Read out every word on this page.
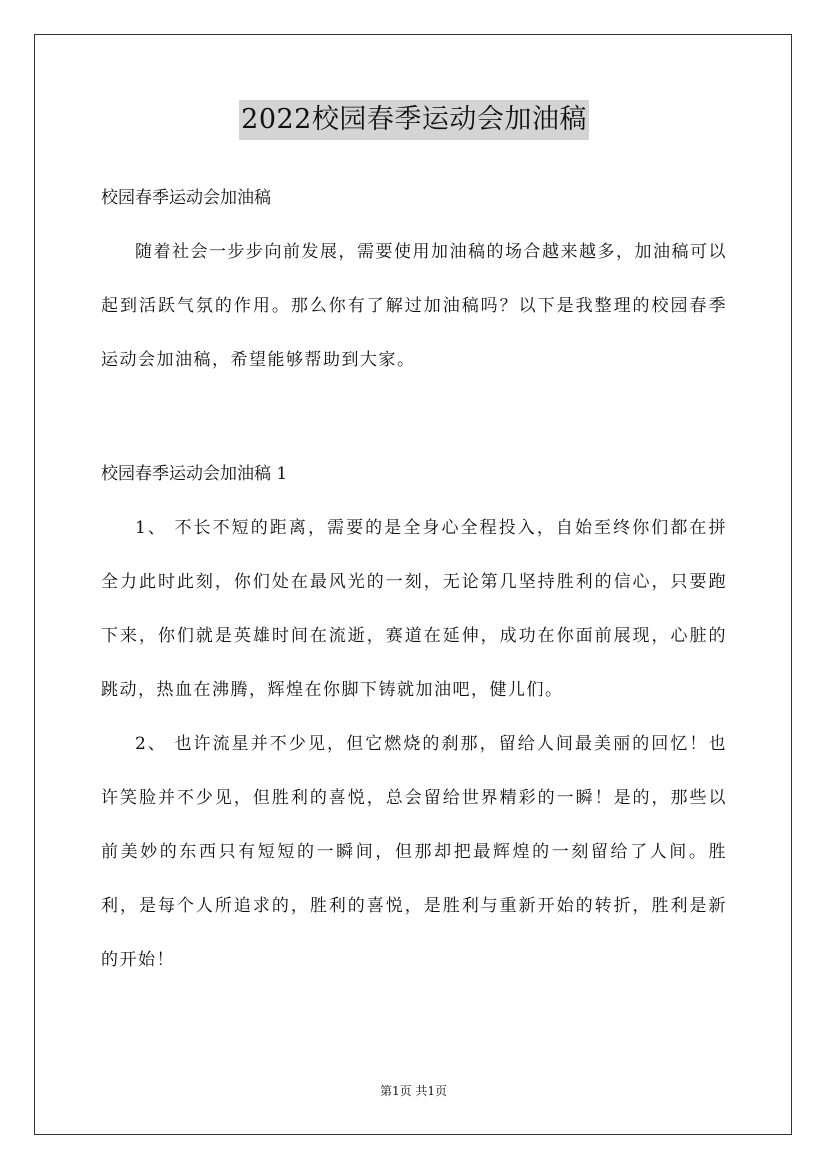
2022校园春季运动会加油稿
校园春季运动会加油稿

随着社会一步步向前发展，需要使用加油稿的场合越来越多，加油稿可以起到活跃气氛的作用。那么你有了解过加油稿吗？以下是我整理的校园春季运动会加油稿，希望能够帮助到大家。

校园春季运动会加油稿 1

1、 不长不短的距离，需要的是全身心全程投入，自始至终你们都在拼全力此时此刻，你们处在最风光的一刻，无论第几坚持胜利的信心，只要跑下来，你们就是英雄时间在流逝，赛道在延伸，成功在你面前展现，心脏的跳动，热血在沸腾，辉煌在你脚下铸就加油吧，健儿们。

2、 也许流星并不少见，但它燃烧的刹那，留给人间最美丽的回忆！也许笑脸并不少见，但胜利的喜悦，总会留给世界精彩的一瞬！是的，那些以前美妙的东西只有短短的一瞬间，但那却把最辉煌的一刻留给了人间。胜利，是每个人所追求的，胜利的喜悦，是胜利与重新开始的转折，胜利是新的开始！

第1页 共1页
